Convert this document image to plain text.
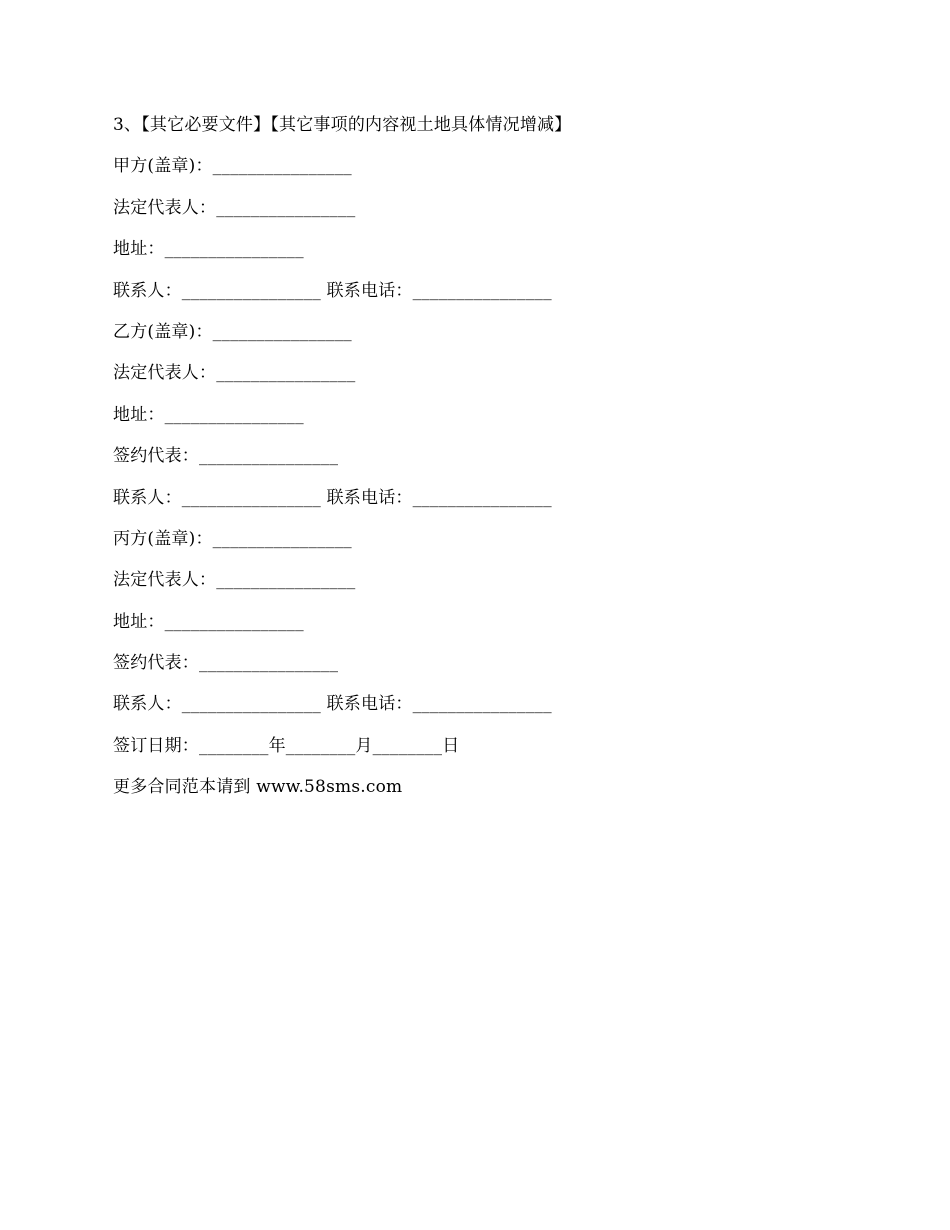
3、【其它必要文件】【其它事项的内容视土地具体情况增减】
甲方(盖章)：________________
法定代表人：________________
地址：________________
联系人：________________ 联系电话：________________
乙方(盖章)：________________
法定代表人：________________
地址：________________
签约代表：________________
联系人：________________ 联系电话：________________
丙方(盖章)：________________
法定代表人：________________
地址：________________
签约代表：________________
联系人：________________ 联系电话：________________
签订日期：________年________月________日
更多合同范本请到 www.58sms.com
